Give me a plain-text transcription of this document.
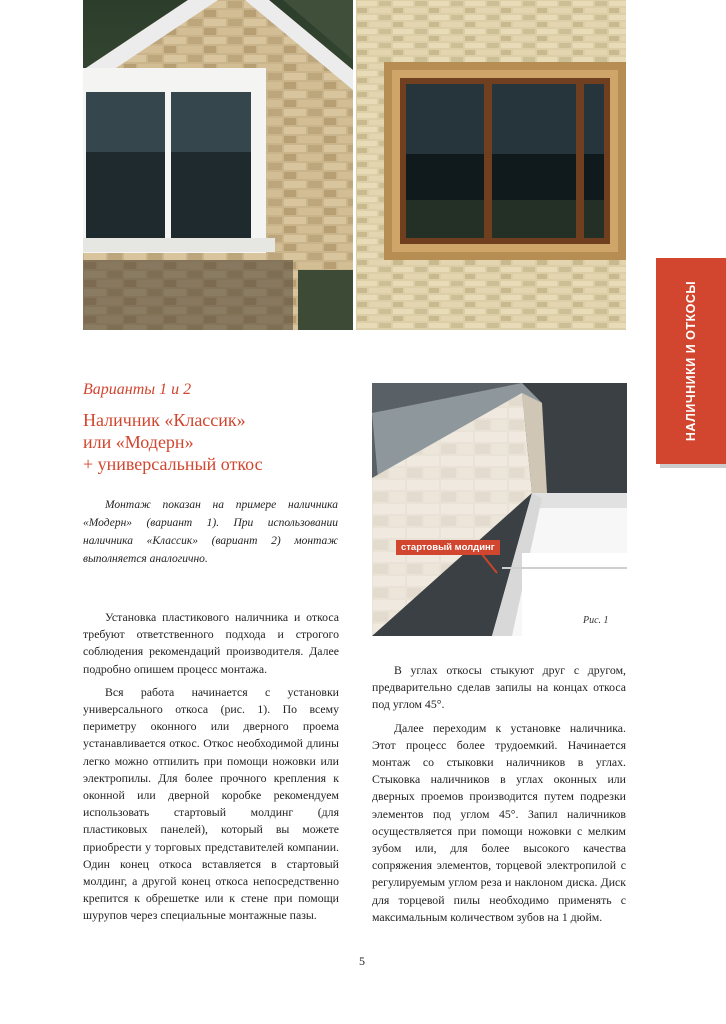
НАЛИЧНИКИ И ОТКОСЫ
Варианты 1 и 2
Наличник «Классик»
или «Модерн»
+ универсальный откос
Монтаж показан на примере наличника «Модерн» (вариант 1). При использовании наличника «Классик» (вариант 2) монтаж выполняется аналогично.
стартовый молдинг
Рис. 1

Установка пластикового наличника и откоса требуют ответственного подхода и строгого соблюдения рекомендаций производителя. Далее подробно опишем процесс монтажа.

Вся работа начинается с установки универсального откоса (рис. 1). По всему периметру оконного или дверного проема устанавливается откос. Откос необходимой длины легко можно отпилить при помощи ножовки или электропилы. Для более прочного крепления к оконной или дверной коробке рекомендуем использовать стартовый молдинг (для пластиковых панелей), который вы можете приобрести у торговых представителей компании. Один конец откоса вставляется в стартовый молдинг, а другой конец откоса непосредственно крепится к обрешетке или к стене при помощи шурупов через специальные монтажные пазы.

В углах откосы стыкуют друг с другом, предварительно сделав запилы на концах откоса под углом 45°.

Далее переходим к установке наличника. Этот процесс более трудоемкий. Начинается монтаж со стыковки наличников в углах. Стыковка наличников в углах оконных или дверных проемов производится путем подрезки элементов под углом 45°. Запил наличников осуществляется при помощи ножовки с мелким зубом или, для более высокого качества сопряжения элементов, торцевой электропилой с регулируемым углом реза и наклоном диска. Диск для торцевой пилы необходимо применять с максимальным количеством зубов на 1 дюйм.

5
